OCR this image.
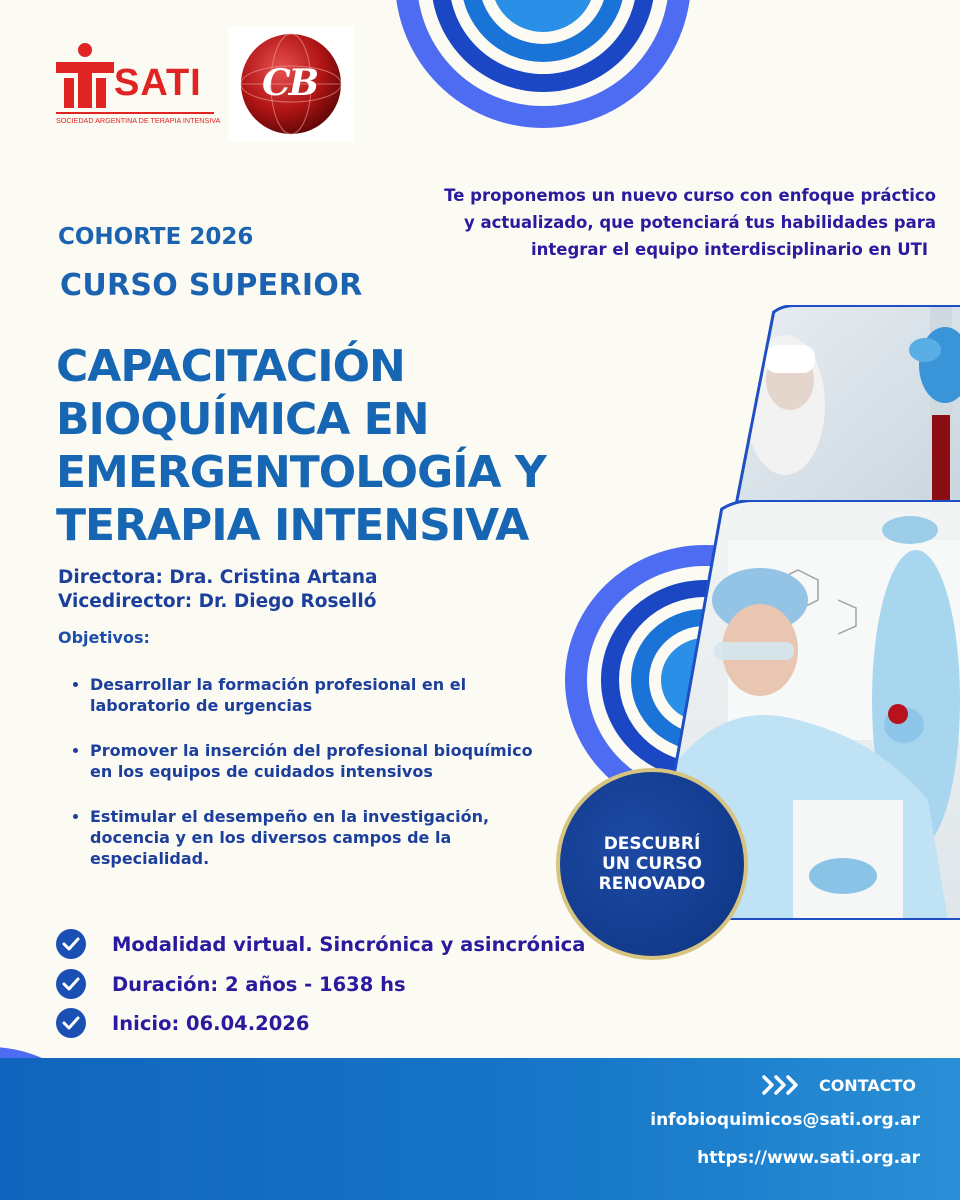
SATI
SOCIEDAD ARGENTINA DE TERAPIA INTENSIVA
CB
Te proponemos un nuevo curso con enfoque práctico
y actualizado, que potenciará tus habilidades para
integrar el equipo interdisciplinario en UTI
COHORTE 2026
CURSO SUPERIOR
CAPACITACIÓN
BIOQUÍMICA EN
EMERGENTOLOGÍA Y
TERAPIA INTENSIVA
Directora: Dra. Cristina Artana
Vicedirector: Dr. Diego Roselló
Objetivos:
• Desarrollar la formación profesional en el laboratorio de urgencias
• Promover la inserción del profesional bioquímico en los equipos de cuidados intensivos
• Estimular el desempeño en la investigación, docencia y en los diversos campos de la especialidad.
Modalidad virtual. Sincrónica y asincrónica
Duración: 2 años - 1638 hs
Inicio: 06.04.2026
DESCUBRÍ
UN CURSO
RENOVADO
CONTACTO
infobioquimicos@sati.org.ar
https://www.sati.org.ar
